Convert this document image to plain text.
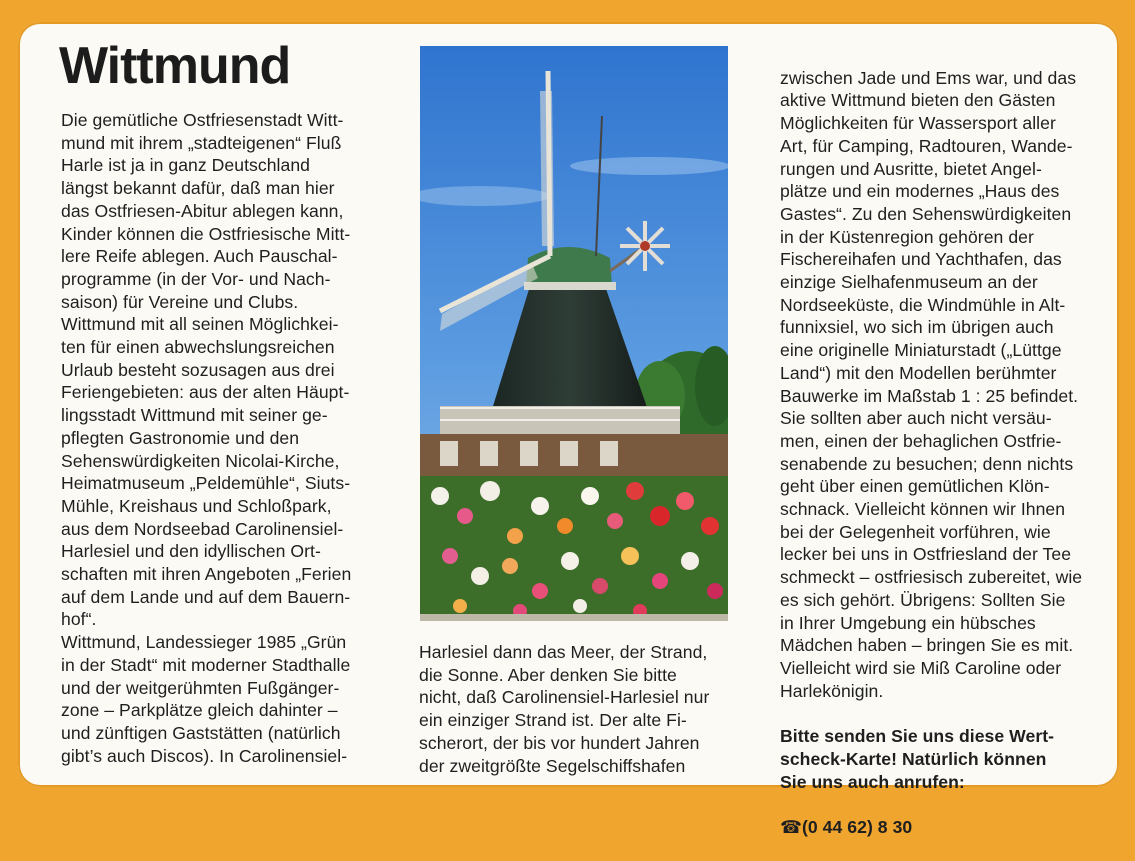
Wittmund
Die gemütliche Ostfriesenstadt Witt-
mund mit ihrem „stadteigenen“ Fluß
Harle ist ja in ganz Deutschland
längst bekannt dafür, daß man hier
das Ostfriesen-Abitur ablegen kann,
Kinder können die Ostfriesische Mitt-
lere Reife ablegen. Auch Pauschal-
programme (in der Vor- und Nach-
saison) für Vereine und Clubs.
Wittmund mit all seinen Möglichkei-
ten für einen abwechslungsreichen
Urlaub besteht sozusagen aus drei
Feriengebieten: aus der alten Häupt-
lingsstadt Wittmund mit seiner ge-
pflegten Gastronomie und den
Sehenswürdigkeiten Nicolai-Kirche,
Heimatmuseum „Peldemühle“, Siuts-
Mühle, Kreishaus und Schloßpark,
aus dem Nordseebad Carolinensiel-
Harlesiel und den idyllischen Ort-
schaften mit ihren Angeboten „Ferien
auf dem Lande und auf dem Bauern-
hof“.
Wittmund, Landessieger 1985 „Grün
in der Stadt“ mit moderner Stadthalle
und der weitgerühmten Fußgänger-
zone – Parkplätze gleich dahinter –
und zünftigen Gaststätten (natürlich
gibt’s auch Discos). In Carolinensiel-
Harlesiel dann das Meer, der Strand,
die Sonne. Aber denken Sie bitte
nicht, daß Carolinensiel-Harlesiel nur
ein einziger Strand ist. Der alte Fi-
scherort, der bis vor hundert Jahren
der zweitgrößte Segelschiffshafen

zwischen Jade und Ems war, und das
aktive Wittmund bieten den Gästen
Möglichkeiten für Wassersport aller
Art, für Camping, Radtouren, Wande-
rungen und Ausritte, bietet Angel-
plätze und ein modernes „Haus des
Gastes“. Zu den Sehenswürdigkeiten
in der Küstenregion gehören der
Fischereihafen und Yachthafen, das
einzige Sielhafenmuseum an der
Nordseeküste, die Windmühle in Alt-
funnixsiel, wo sich im übrigen auch
eine originelle Miniaturstadt („Lüttge
Land“) mit den Modellen berühmter
Bauwerke im Maßstab 1 : 25 befindet.
Sie sollten aber auch nicht versäu-
men, einen der behaglichen Ostfrie-
senabende zu besuchen; denn nichts
geht über einen gemütlichen Klön-
schnack. Vielleicht können wir Ihnen
bei der Gelegenheit vorführen, wie
lecker bei uns in Ostfriesland der Tee
schmeckt – ostfriesisch zubereitet, wie
es sich gehört. Übrigens: Sollten Sie
in Ihrer Umgebung ein hübsches
Mädchen haben – bringen Sie es mit.
Vielleicht wird sie Miß Caroline oder
Harlekönigin.

Bitte senden Sie uns diese Wert-
scheck-Karte! Natürlich können
Sie uns auch anrufen:

☎(0 44 62) 8 30
